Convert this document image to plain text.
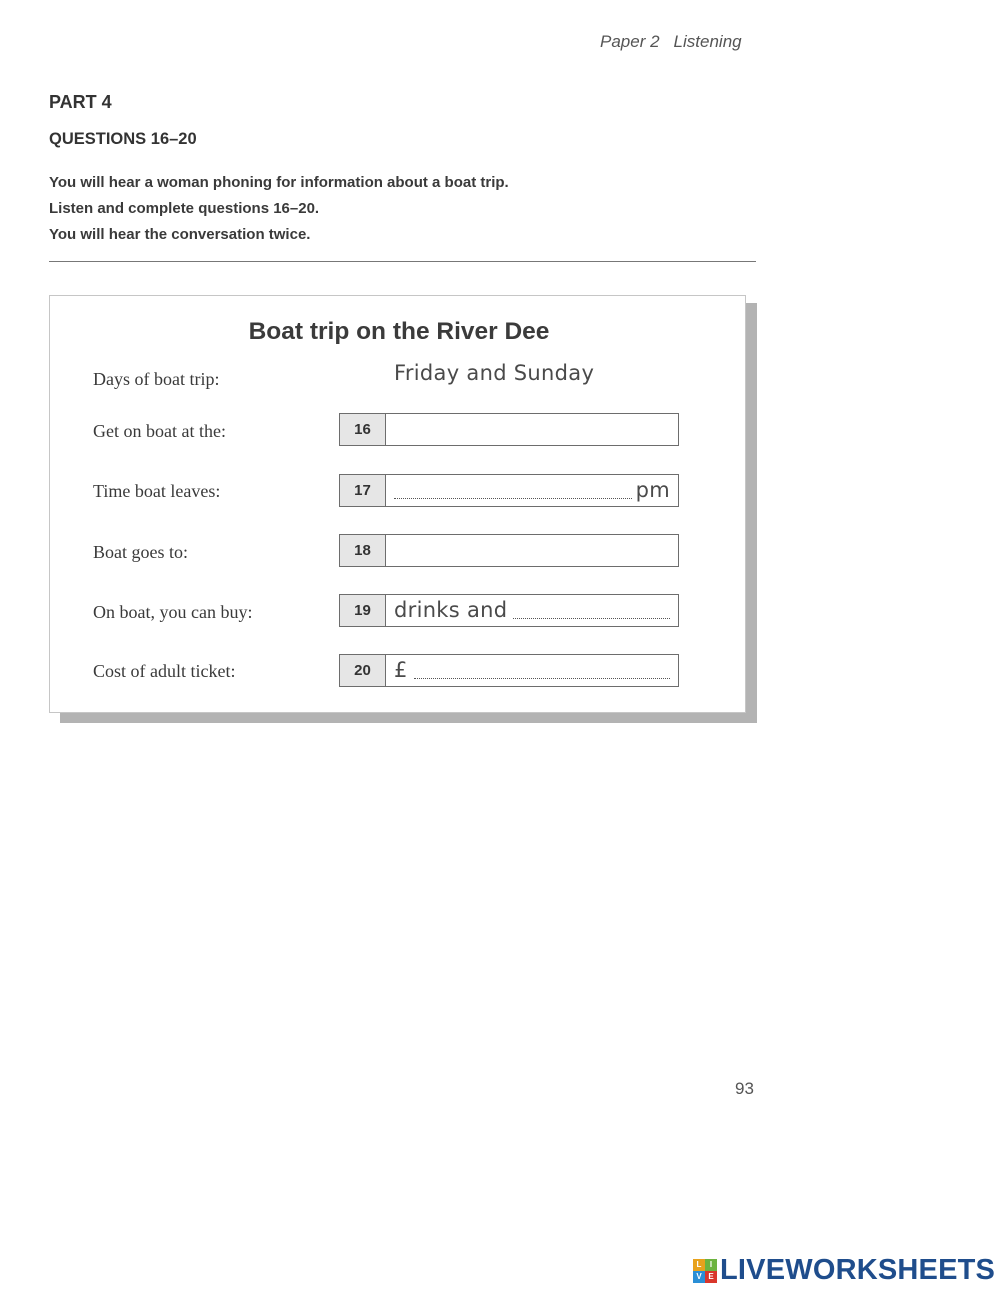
Paper 2 Listening
PART 4
QUESTIONS 16–20
You will hear a woman phoning for information about a boat trip.
Listen and complete questions 16–20.
You will hear the conversation twice.
Boat trip on the River Dee
Days of boat trip:	Friday and Sunday
Get on boat at the:	16
Time boat leaves:	17	pm
Boat goes to:	18
On boat, you can buy:	19	drinks and
Cost of adult ticket:	20	£
93
L	I
V E LIVEWORKSHEETS
